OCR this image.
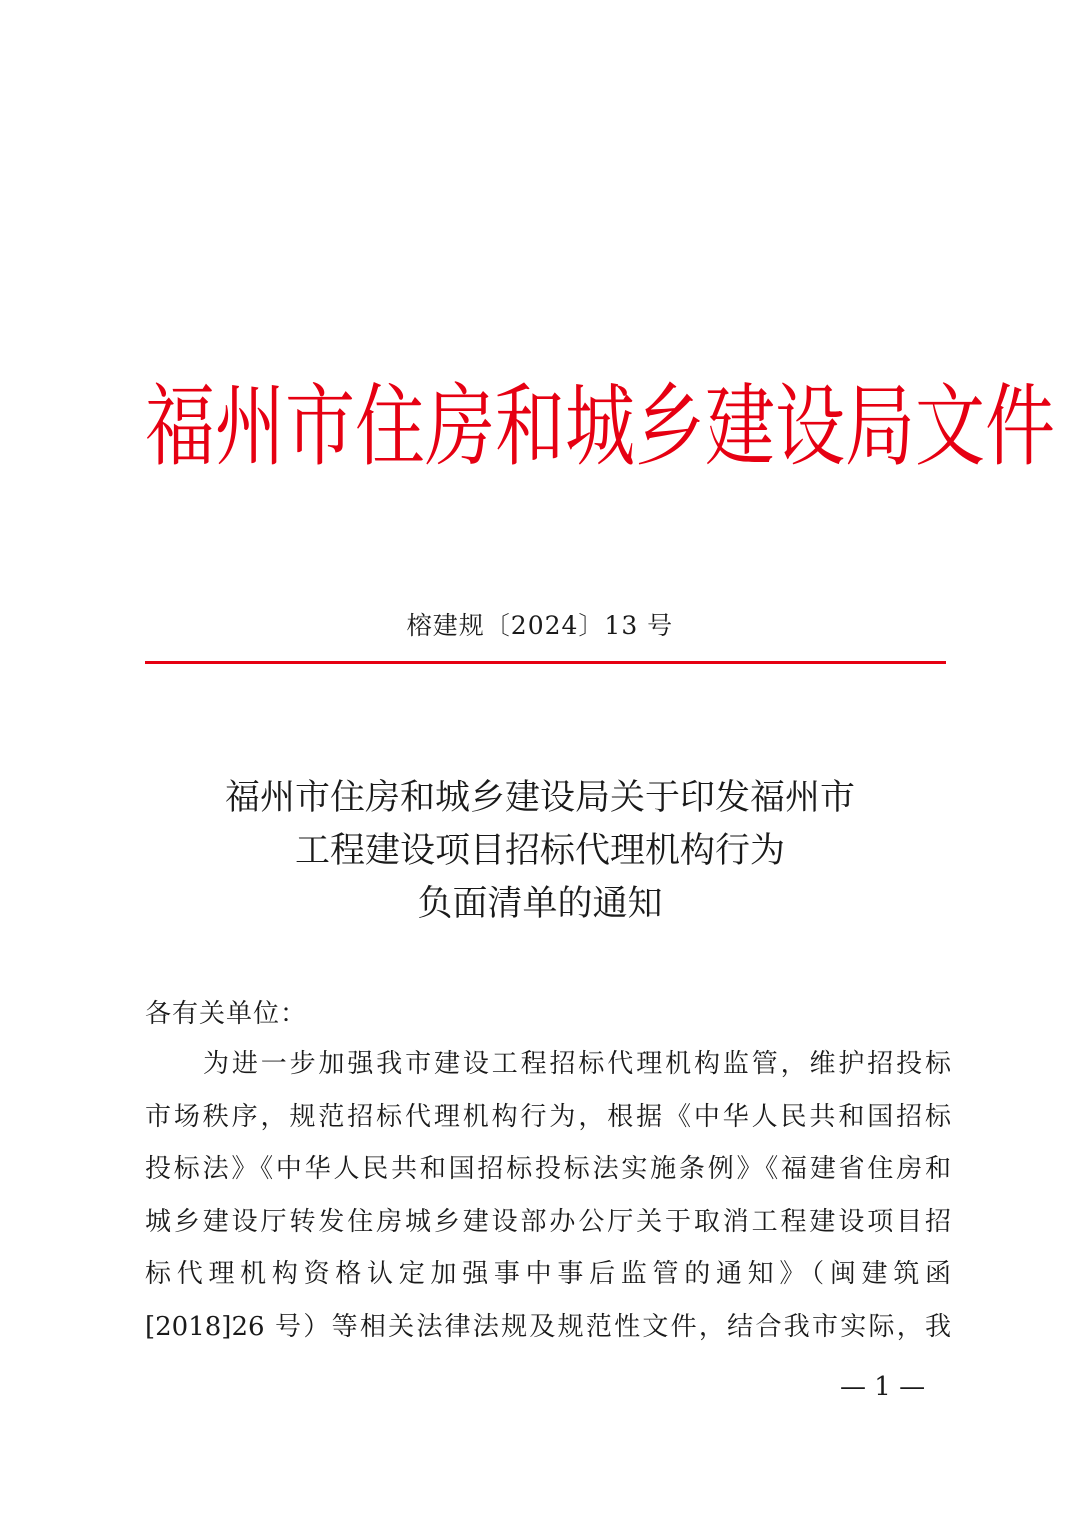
福 州 市 住 房 和 城 乡 建 设 局 文 件
榕建规〔2024〕13 号
福州市住房和城乡建设局关于印发福州市
工程建设项目招标代理机构行为
负面清单的通知
各有关单位：
为进一步加强我市建设工程招标代理机构监管，维护招投标
市场秩序，规范招标代理机构行为，根据《中华人民共和国招标
投标法》《中华人民共和国招标投标法实施条例》《福建省住房和
城乡建设厅转发住房城乡建设部办公厅关于取消工程建设项目招
标代理机构资格认定加强事中事后监管的通知》（闽建筑函
[2018]26 号）等相关法律法规及规范性文件，结合我市实际，我
— 1 —
